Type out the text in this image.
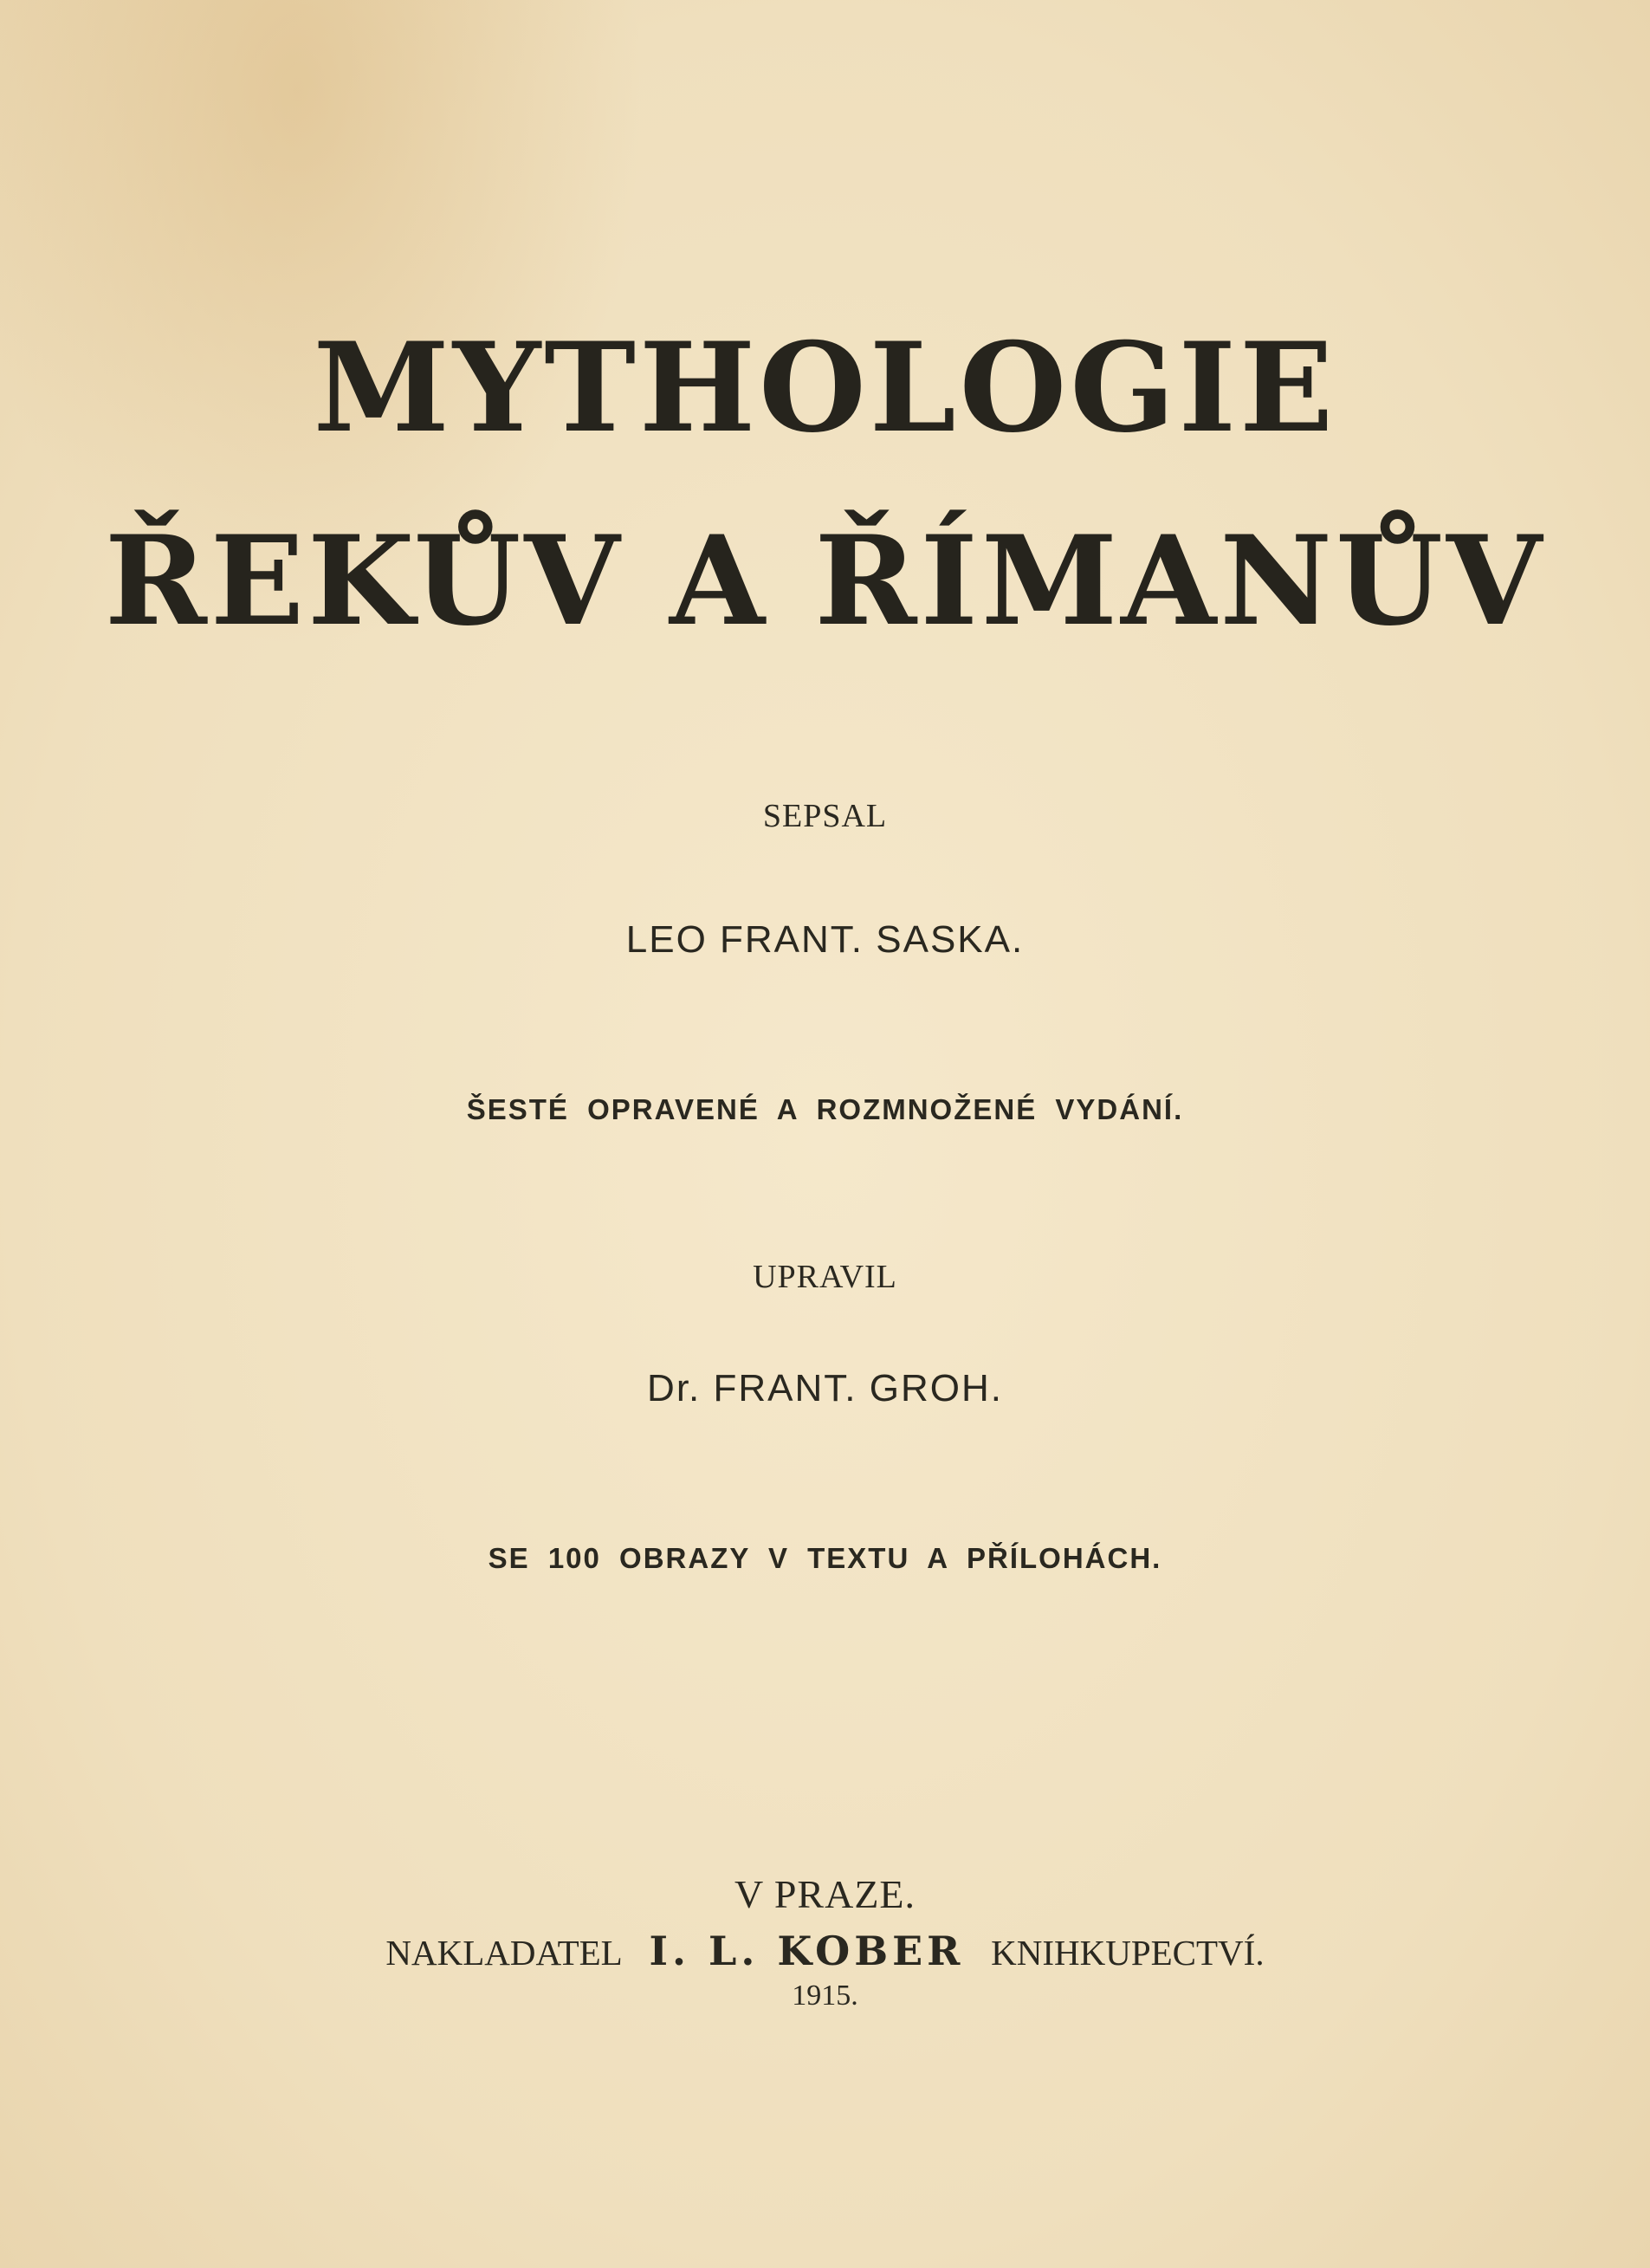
MYTHOLOGIE
ŘEKŮV A ŘÍMANŮV
SEPSAL
LEO FRANT. SASKA.
ŠESTÉ OPRAVENÉ A ROZMNOŽENÉ VYDÁNÍ.
UPRAVIL
Dr. FRANT. GROH.
SE 100 OBRAZY V TEXTU A PŘÍLOHÁCH.
V PRAZE.
NAKLADATEL I. L. KOBER KNIHKUPECTVÍ.
1915.
